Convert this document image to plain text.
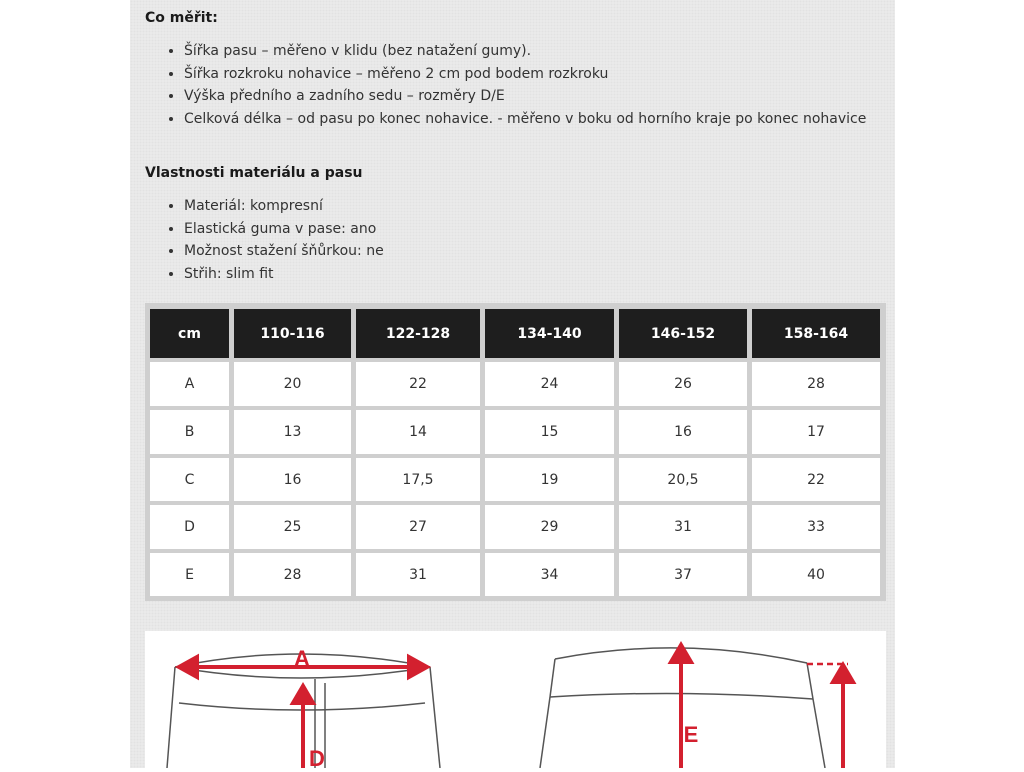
Co měřit:
• Šířka pasu – měřeno v klidu (bez natažení gumy).
• Šířka rozkroku nohavice – měřeno 2 cm pod bodem rozkroku
• Výška předního a zadního sedu – rozměry D/E
• Celková délka – od pasu po konec nohavice. - měřeno v boku od horního kraje po konec nohavice
Vlastnosti materiálu a pasu
• Materiál: kompresní
• Elastická guma v pase: ano
• Možnost stažení šňůrkou: ne
• Střih: slim fit
cm	110-116	122-128	134-140	146-152	158-164
A	20	22	24	26	28
B	13	14	15	16	17
C	16	17,5	19	20,5	22
D	25	27	29	31	33
E	28	31	34	37	40
A
D
E
